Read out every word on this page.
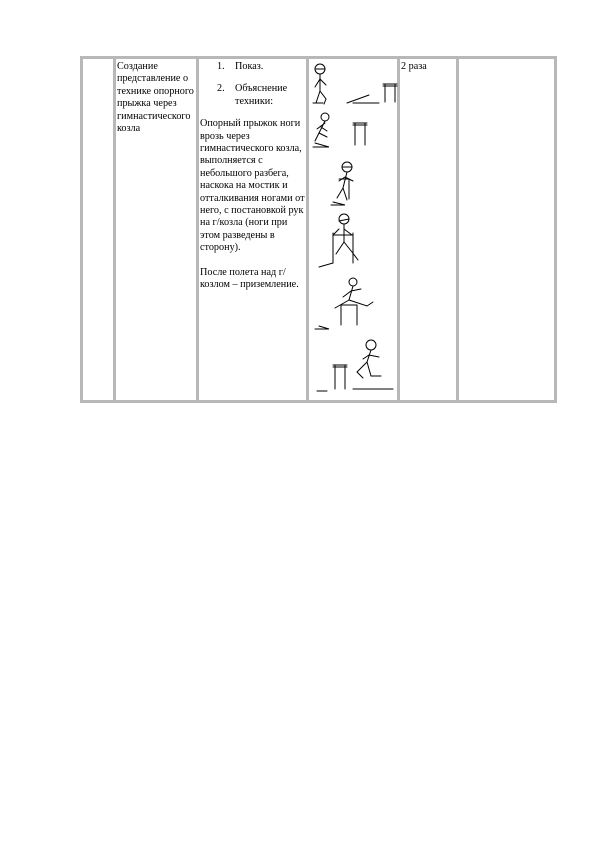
Создание представление о технике опорного прыжка через гимнастического козла
1. Показ.
2. Объяснение техники:

Опорный прыжок ноги врозь через гимнастического козла, выполняется с небольшого разбега, наскока на мостик и отталкивания ногами от него, с постановкой рук на г/козла (ноги при этом разведены в сторону).

После полета над г/козлом – приземление.

2 раза
